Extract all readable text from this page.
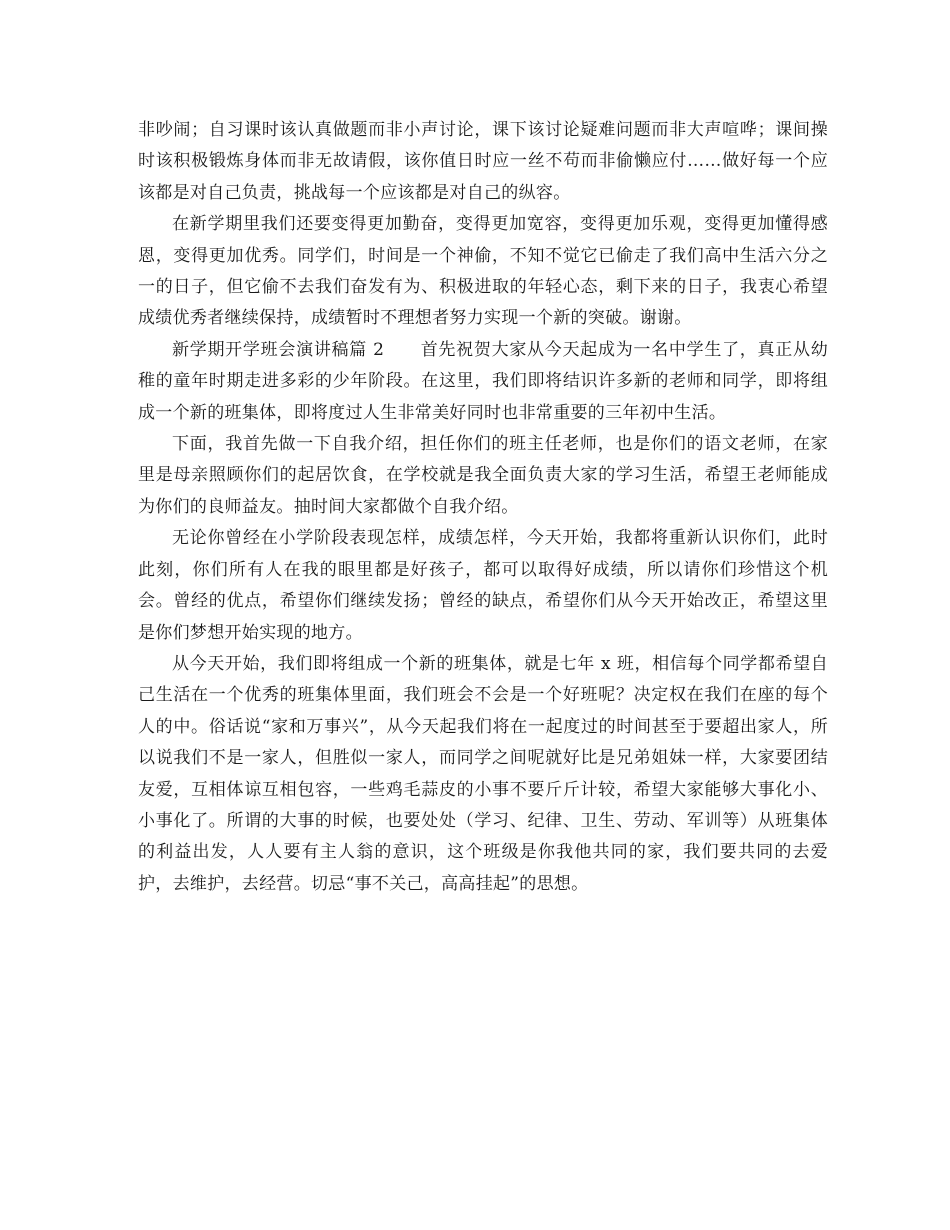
非吵闹；自习课时该认真做题而非小声讨论，课下该讨论疑难问题而非大声喧哗；课间操时该积极锻炼身体而非无故请假，该你值日时应一丝不苟而非偷懒应付……做好每一个应该都是对自己负责，挑战每一个应该都是对自己的纵容。

在新学期里我们还要变得更加勤奋，变得更加宽容，变得更加乐观，变得更加懂得感恩，变得更加优秀。同学们，时间是一个神偷，不知不觉它已偷走了我们高中生活六分之一的日子，但它偷不去我们奋发有为、积极进取的年轻心态，剩下来的日子，我衷心希望成绩优秀者继续保持，成绩暂时不理想者努力实现一个新的突破。谢谢。

新学期开学班会演讲稿篇 2 首先祝贺大家从今天起成为一名中学生了，真正从幼稚的童年时期走进多彩的少年阶段。在这里，我们即将结识许多新的老师和同学，即将组成一个新的班集体，即将度过人生非常美好同时也非常重要的三年初中生活。

下面，我首先做一下自我介绍，担任你们的班主任老师，也是你们的语文老师，在家里是母亲照顾你们的起居饮食，在学校就是我全面负责大家的学习生活，希望王老师能成为你们的良师益友。抽时间大家都做个自我介绍。

无论你曾经在小学阶段表现怎样，成绩怎样，今天开始，我都将重新认识你们，此时此刻，你们所有人在我的眼里都是好孩子，都可以取得好成绩，所以请你们珍惜这个机会。曾经的优点，希望你们继续发扬；曾经的缺点，希望你们从今天开始改正，希望这里是你们梦想开始实现的地方。

从今天开始，我们即将组成一个新的班集体，就是七年 x 班，相信每个同学都希望自己生活在一个优秀的班集体里面，我们班会不会是一个好班呢？决定权在我们在座的每个人的中。俗话说“家和万事兴”，从今天起我们将在一起度过的时间甚至于要超出家人，所以说我们不是一家人，但胜似一家人，而同学之间呢就好比是兄弟姐妹一样，大家要团结友爱，互相体谅互相包容，一些鸡毛蒜皮的小事不要斤斤计较，希望大家能够大事化小、小事化了。所谓的大事的时候，也要处处（学习、纪律、卫生、劳动、军训等）从班集体的利益出发，人人要有主人翁的意识，这个班级是你我他共同的家，我们要共同的去爱护，去维护，去经营。切忌“事不关己，高高挂起”的思想。
